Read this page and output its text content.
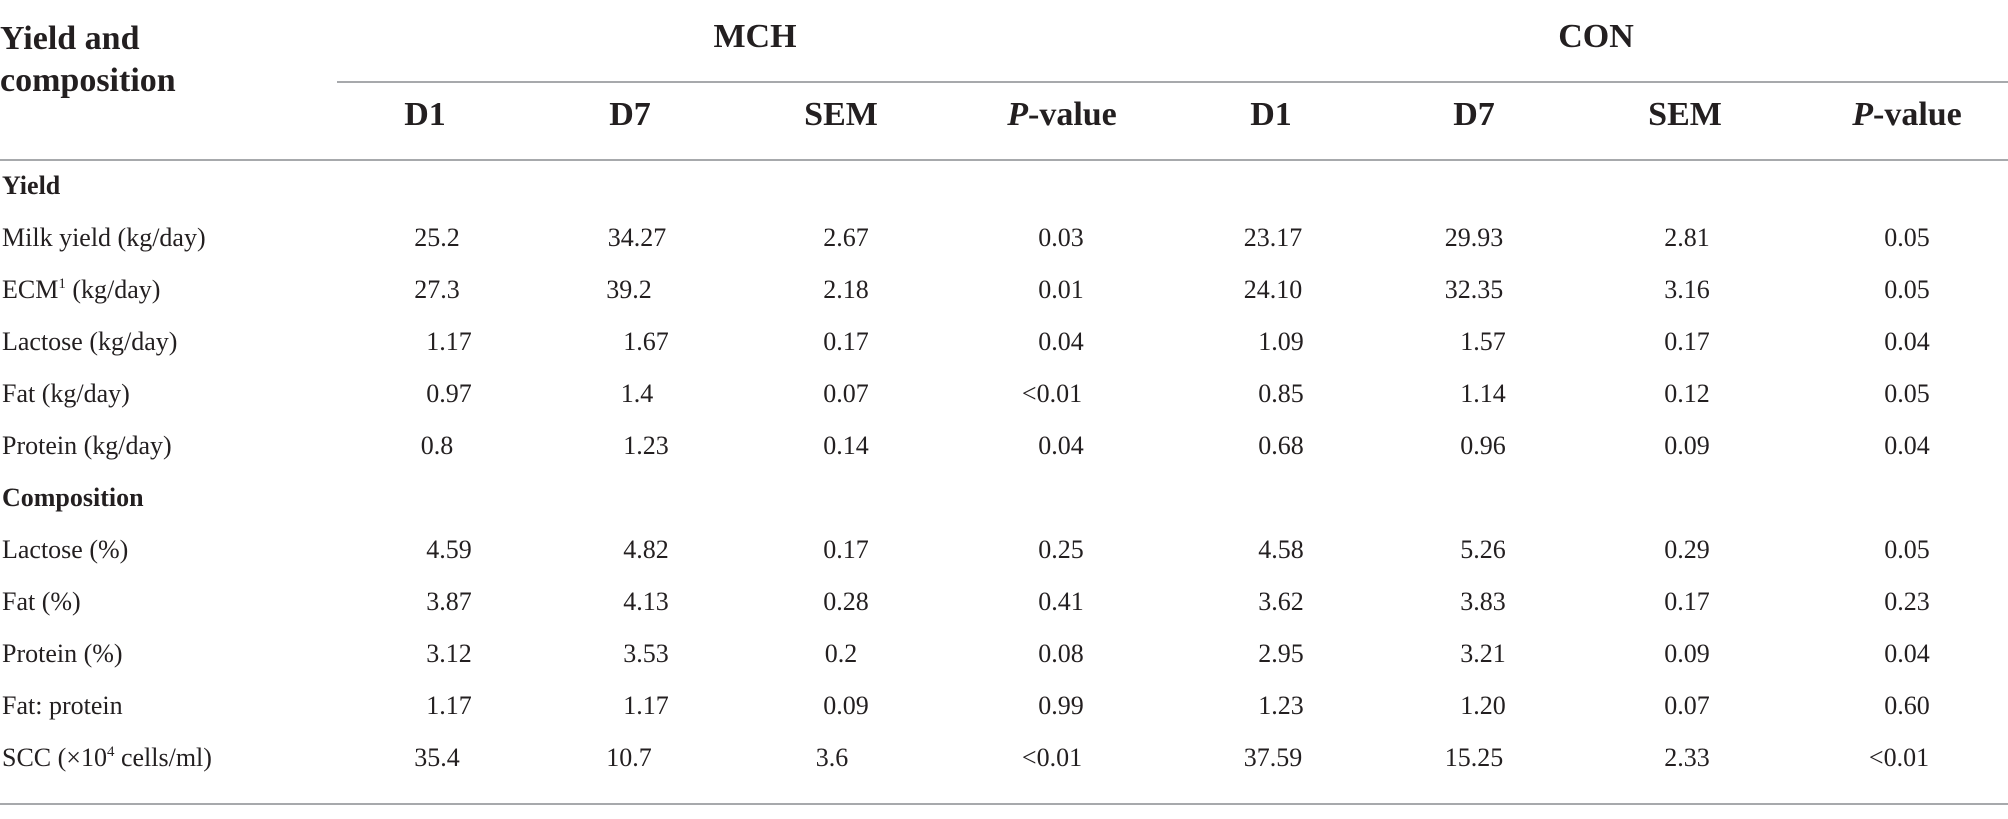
Yield and
composition
MCH	CON
D1	D7	SEM	P-value	D1	D7	SEM	P-value
Yield
Milk yield (kg/day)	25.2	34.27	2.67	0.03	23.17	29.93	2.81	0.05
ECM$^1$ (kg/day)	27.3	39.2	2.18	0.01	24.10	32.35	3.16	0.05
Lactose (kg/day)	1.17	1.67	0.17	0.04	1.09	1.57	0.17	0.04
Fat (kg/day)	0.97	1.4	0.07	<0.01	0.85	1.14	0.12	0.05
Protein (kg/day)	0.8	1.23	0.14	0.04	0.68	0.96	0.09	0.04
Composition
Lactose (%)	4.59	4.82	0.17	0.25	4.58	5.26	0.29	0.05
Fat (%)	3.87	4.13	0.28	0.41	3.62	3.83	0.17	0.23
Protein (%)	3.12	3.53	0.2	0.08	2.95	3.21	0.09	0.04
Fat: protein	1.17	1.17	0.09	0.99	1.23	1.20	0.07	0.60
SCC ($\times 10^4$ cells/ml)	35.4	10.7	3.6	<0.01	37.59	15.25	2.33	<0.01
